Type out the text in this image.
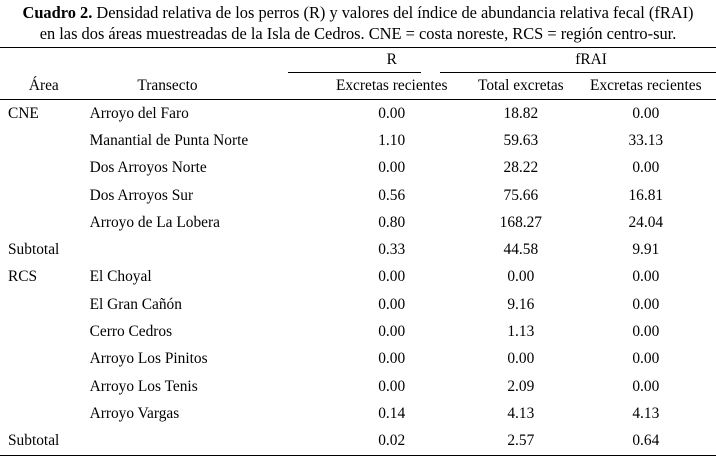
Cuadro 2. Densidad relativa de los perros (R) y valores del índice de abundancia relativa fecal (fRAI)
en las dos áreas muestreadas de la Isla de Cedros. CNE = costa noreste, RCS = región centro-sur.
		R	fRAI	
Área	Transecto	Excretas recientes	Total excretas	Excretas recientes
CNE	Arroyo del Faro	0.00	18.82	0.00
	Manantial de Punta Norte	1.10	59.63	33.13
	Dos Arroyos Norte	0.00	28.22	0.00
	Dos Arroyos Sur	0.56	75.66	16.81
	Arroyo de La Lobera	0.80	168.27	24.04
Subtotal		0.33	44.58	9.91
RCS	El Choyal	0.00	0.00	0.00
	El Gran Cañón	0.00	9.16	0.00
	Cerro Cedros	0.00	1.13	0.00
	Arroyo Los Pinitos	0.00	0.00	0.00
	Arroyo Los Tenis	0.00	2.09	0.00
	Arroyo Vargas	0.14	4.13	4.13
Subtotal		0.02	2.57	0.64
